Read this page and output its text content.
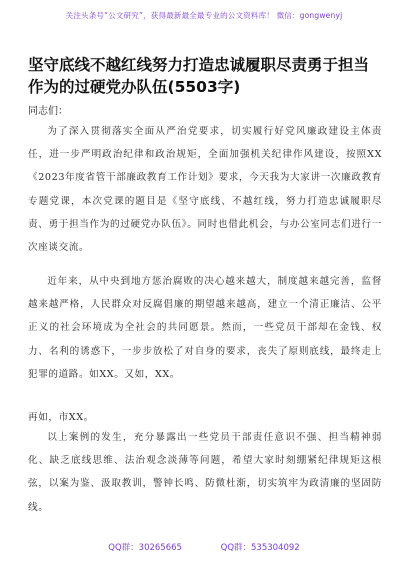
关注头条号“公文研究”，获得最新最全最专业的公文资料库！ 微信：gongwenyj
坚守底线不越红线努力打造忠诚履职尽责勇于担当作为的过硬党办队伍(5503字)
同志们：

为了深入贯彻落实全面从严治党要求，切实履行好党风廉政建设主体责任，进一步严明政治纪律和政治规矩，全面加强机关纪律作风建设，按照XX《2023年度省管干部廉政教育工作计划》要求，今天我为大家讲一次廉政教育专题党课，本次党课的题目是《坚守底线、不越红线，努力打造忠诚履职尽责、勇于担当作为的过硬党办队伍》。同时也借此机会，与办公室同志们进行一次座谈交流。

近年来，从中央到地方惩治腐败的决心越来越大，制度越来越完善，监督越来越严格，人民群众对反腐倡廉的期望越来越高，建立一个清正廉洁、公平正义的社会环境成为全社会的共同愿景。然而，一些党员干部却在金钱、权力、名利的诱惑下，一步步放松了对自身的要求，丧失了原则底线，最终走上犯罪的道路。如XX。又如，XX。

再如，市XX。

以上案例的发生，充分暴露出一些党员干部责任意识不强、担当精神弱化、缺乏底线思维、法治观念淡薄等问题，希望大家时刻绷紧纪律规矩这根弦，以案为鉴、汲取教训，警钟长鸣、防微杜渐，切实筑牢为政清廉的坚固防线。

QQ群：30265665	QQ群：535304092
